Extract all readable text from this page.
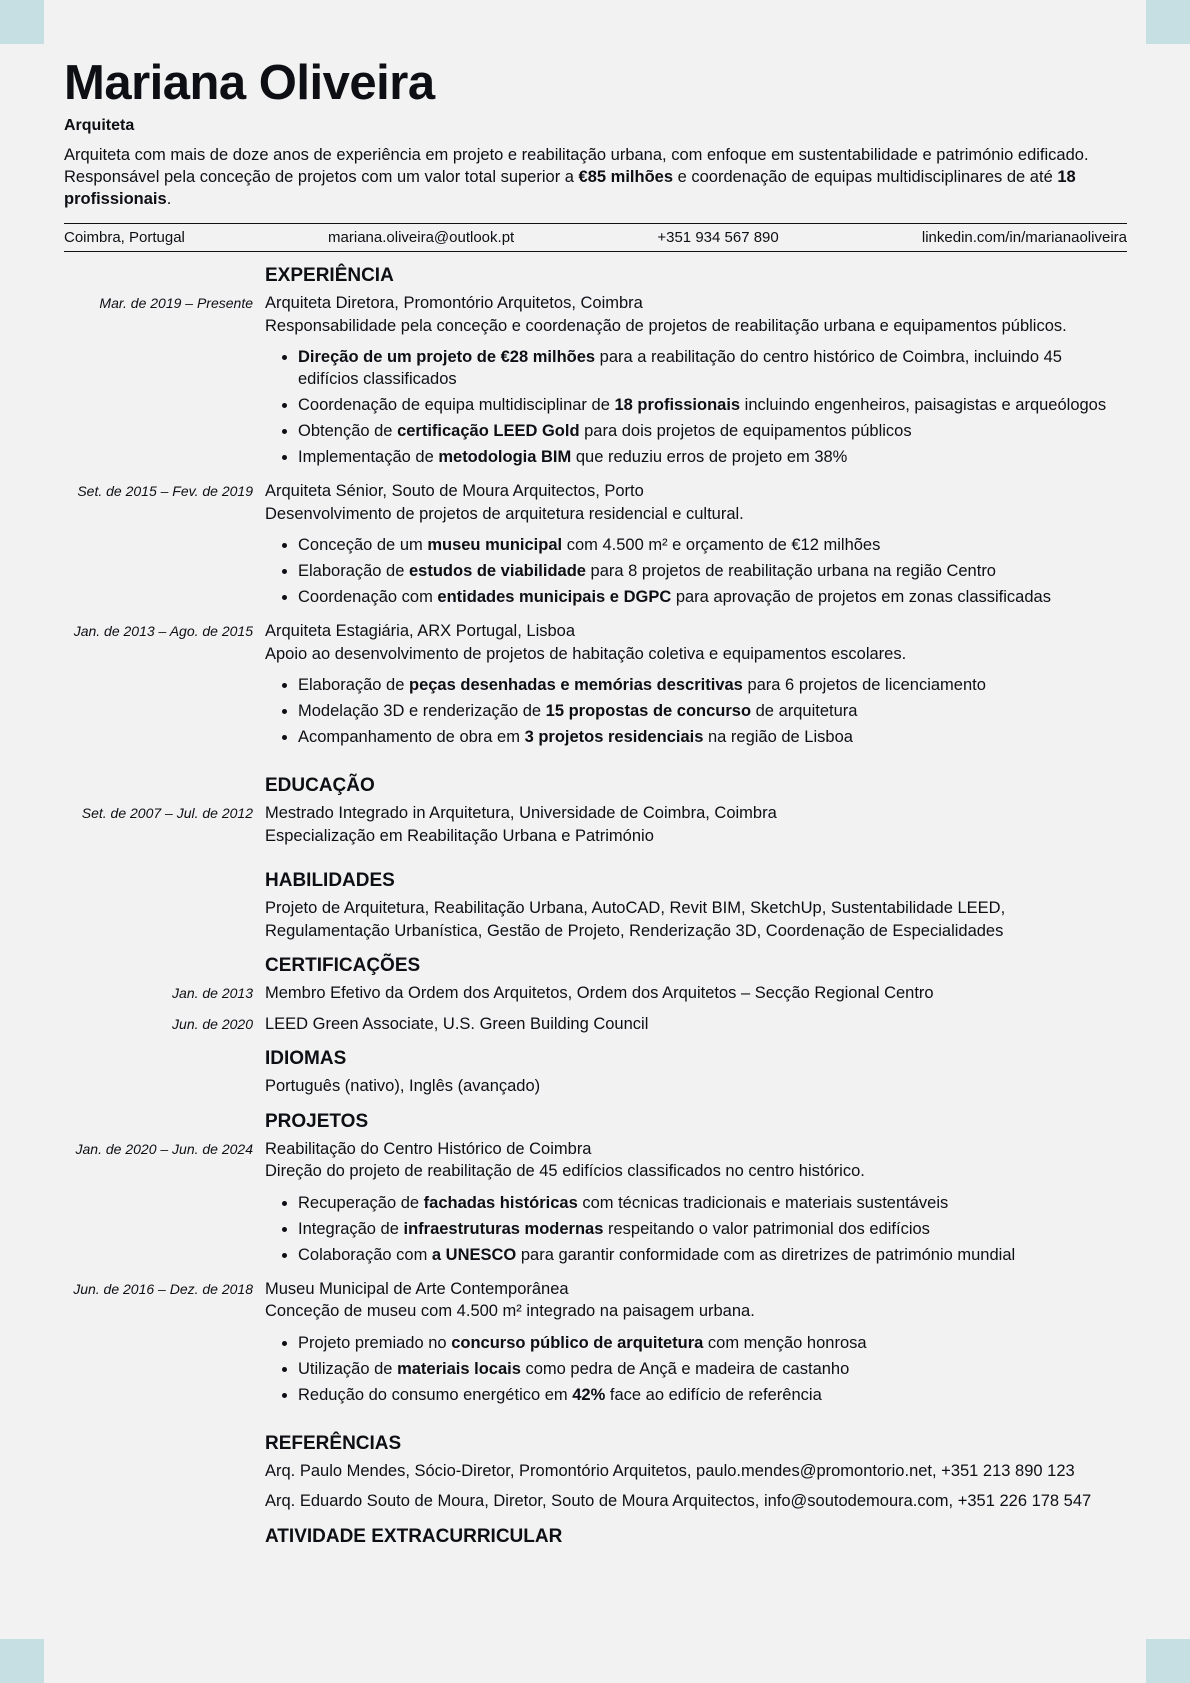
Mariana Oliveira
Arquiteta
Arquiteta com mais de doze anos de experiência em projeto e reabilitação urbana, com enfoque em sustentabilidade e património edificado. Responsável pela conceção de projetos com um valor total superior a €85 milhões e coordenação de equipas multidisciplinares de até 18 profissionais.
Coimbra, Portugal	mariana.oliveira@outlook.pt	+351 934 567 890	linkedin.com/in/marianaoliveira
EXPERIÊNCIA
Mar. de 2019 – Presente Arquiteta Diretora, Promontório Arquitetos, Coimbra
Responsabilidade pela conceção e coordenação de projetos de reabilitação urbana e equipamentos públicos.
• Direção de um projeto de €28 milhões para a reabilitação do centro histórico de Coimbra, incluindo 45 edifícios classificados
• Coordenação de equipa multidisciplinar de 18 profissionais incluindo engenheiros, paisagistas e arqueólogos
• Obtenção de certificação LEED Gold para dois projetos de equipamentos públicos
• Implementação de metodologia BIM que reduziu erros de projeto em 38%
Set. de 2015 – Fev. de 2019 Arquiteta Sénior, Souto de Moura Arquitectos, Porto
Desenvolvimento de projetos de arquitetura residencial e cultural.
• Conceção de um museu municipal com 4.500 m² e orçamento de €12 milhões
• Elaboração de estudos de viabilidade para 8 projetos de reabilitação urbana na região Centro
• Coordenação com entidades municipais e DGPC para aprovação de projetos em zonas classificadas
Jan. de 2013 – Ago. de 2015 Arquiteta Estagiária, ARX Portugal, Lisboa
Apoio ao desenvolvimento de projetos de habitação coletiva e equipamentos escolares.
• Elaboração de peças desenhadas e memórias descritivas para 6 projetos de licenciamento
• Modelação 3D e renderização de 15 propostas de concurso de arquitetura
• Acompanhamento de obra em 3 projetos residenciais na região de Lisboa
EDUCAÇÃO
Set. de 2007 – Jul. de 2012 Mestrado Integrado in Arquitetura, Universidade de Coimbra, Coimbra
Especialização em Reabilitação Urbana e Património
HABILIDADES
Projeto de Arquitetura, Reabilitação Urbana, AutoCAD, Revit BIM, SketchUp, Sustentabilidade LEED, Regulamentação Urbanística, Gestão de Projeto, Renderização 3D, Coordenação de Especialidades
CERTIFICAÇÕES
Jan. de 2013 Membro Efetivo da Ordem dos Arquitetos, Ordem dos Arquitetos – Secção Regional Centro
Jun. de 2020 LEED Green Associate, U.S. Green Building Council
IDIOMAS
Português (nativo), Inglês (avançado)
PROJETOS
Jan. de 2020 – Jun. de 2024 Reabilitação do Centro Histórico de Coimbra
Direção do projeto de reabilitação de 45 edifícios classificados no centro histórico.
• Recuperação de fachadas históricas com técnicas tradicionais e materiais sustentáveis
• Integração de infraestruturas modernas respeitando o valor patrimonial dos edifícios
• Colaboração com a UNESCO para garantir conformidade com as diretrizes de património mundial
Jun. de 2016 – Dez. de 2018 Museu Municipal de Arte Contemporânea
Conceção de museu com 4.500 m² integrado na paisagem urbana.
• Projeto premiado no concurso público de arquitetura com menção honrosa
• Utilização de materiais locais como pedra de Ançã e madeira de castanho
• Redução do consumo energético em 42% face ao edifício de referência
REFERÊNCIAS
Arq. Paulo Mendes, Sócio-Diretor, Promontório Arquitetos, paulo.mendes@promontorio.net, +351 213 890 123
Arq. Eduardo Souto de Moura, Diretor, Souto de Moura Arquitectos, info@soutodemoura.com, +351 226 178 547
ATIVIDADE EXTRACURRICULAR
